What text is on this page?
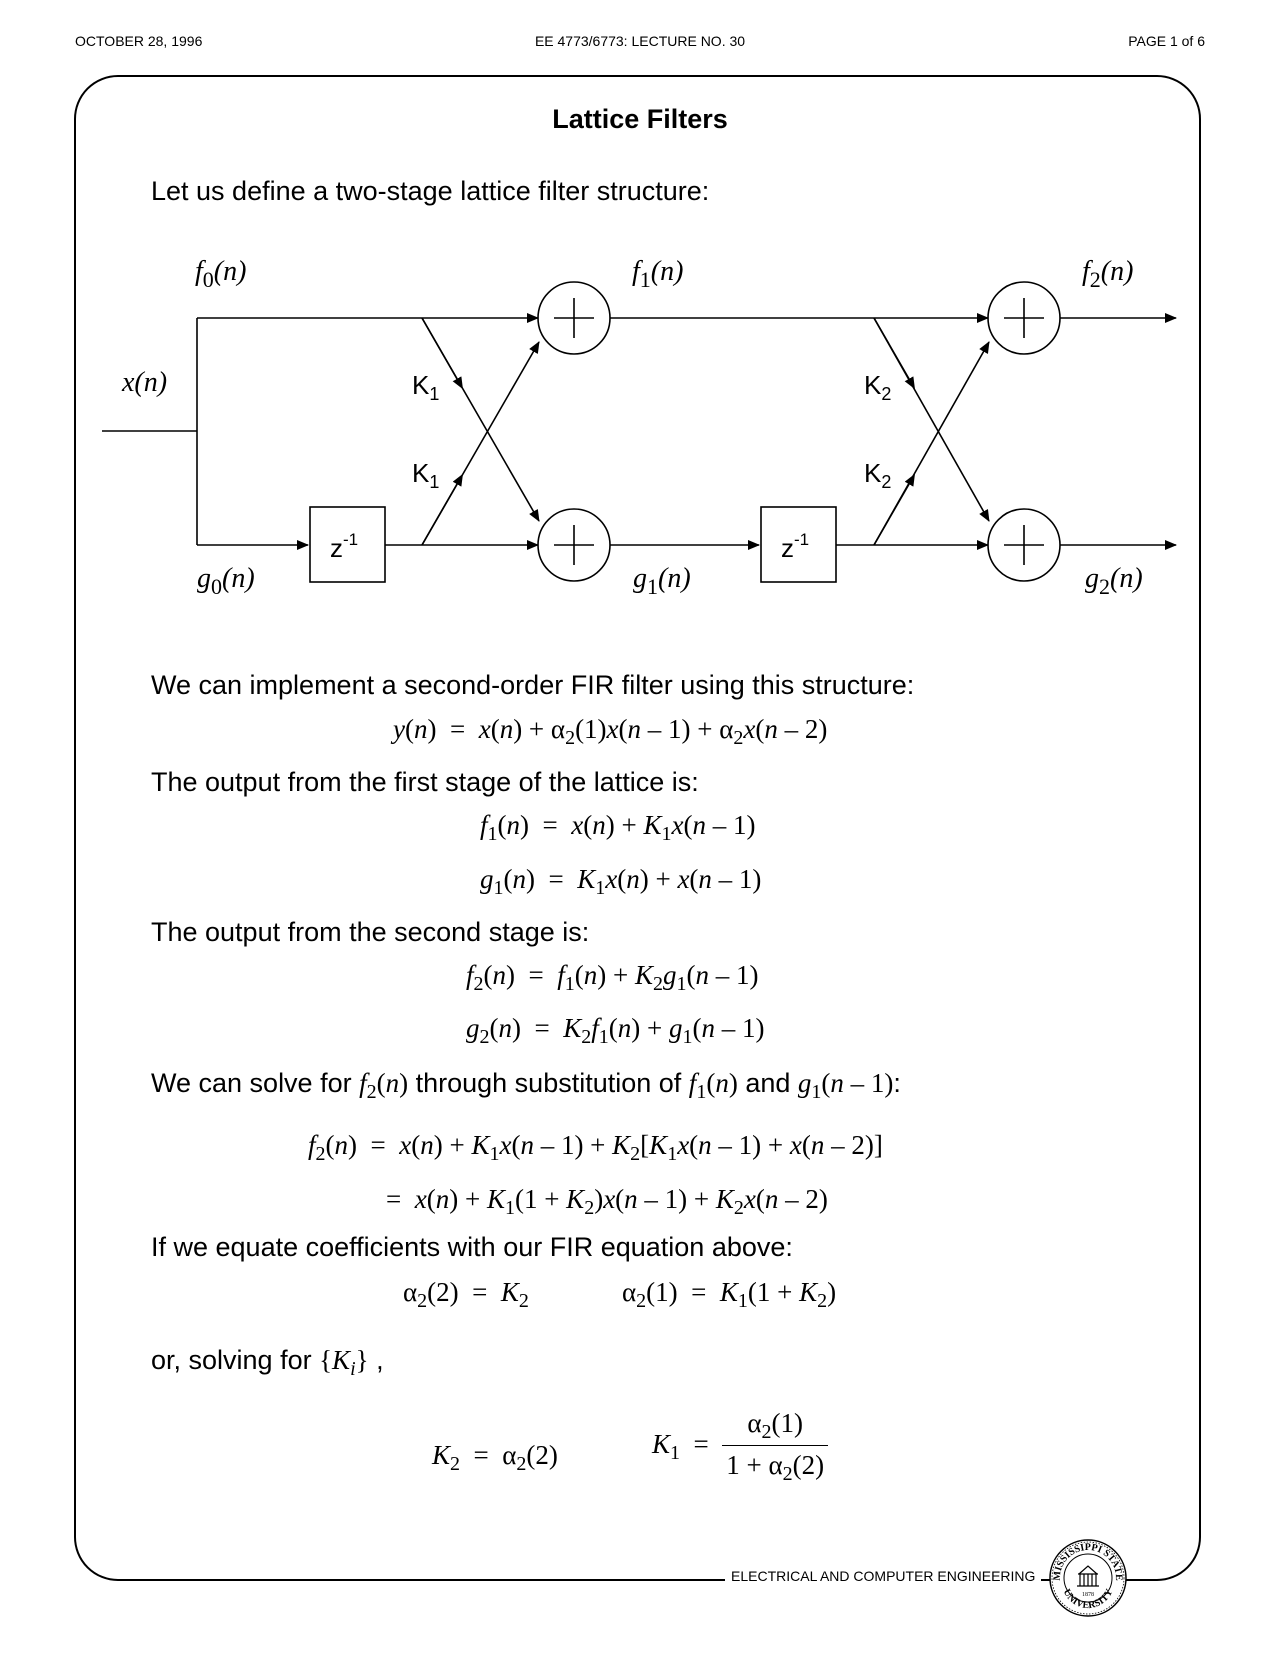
OCTOBER 28, 1996	EE 4773/6773: LECTURE NO. 30	PAGE 1 of 6
Lattice Filters
Let us define a two-stage lattice filter structure:
$f_0(n)$	$f_1(n)$	$f_2(n)$
x(n)
$g_0(n)$	$g_1(n)$	$g_2(n)$
$K_1$
$K_1$
$K_2$
$K_2$
$z^{-1}$	$z^{-1}$
We can implement a second-order FIR filter using this structure:
$y(n) = x(n) + \alpha_2(1)x(n - 1) + \alpha_2x(n - 2)$
The output from the first stage of the lattice is:
$f_1(n) = x(n) + K_1x(n - 1)$
$g_1(n) = K_1x(n) + x(n - 1)$
The output from the second stage is:
$f_2(n) = f_1(n) + K_2g_1(n - 1)$
$g_2(n) = K_2f_1(n) + g_1(n - 1)$
We can solve for $f_2(n)$ through substitution of $f_1(n)$ and $g_1(n - 1)$:
$f_2(n) = x(n) + K_1x(n - 1) + K_2[K_1x(n - 1) + x(n - 2)]$
=  $x(n) + K_1(1 + K_2)x(n - 1) + K_2x(n - 2)$
If we equate coefficients with our FIR equation above:
$\alpha_2(2) = K_2$	$\alpha_2(1) = K_1(1 + K_2)$
or, solving for $\{K_i\}$ ,
$K_2 = \alpha_2(2)$	$K_1 = \frac{\alpha_2(1)}{1 + \alpha_2(2)}$
ELECTRICAL AND COMPUTER ENGINEERING	MISSISSIPPI STATE
UNIVERSITY
1878
